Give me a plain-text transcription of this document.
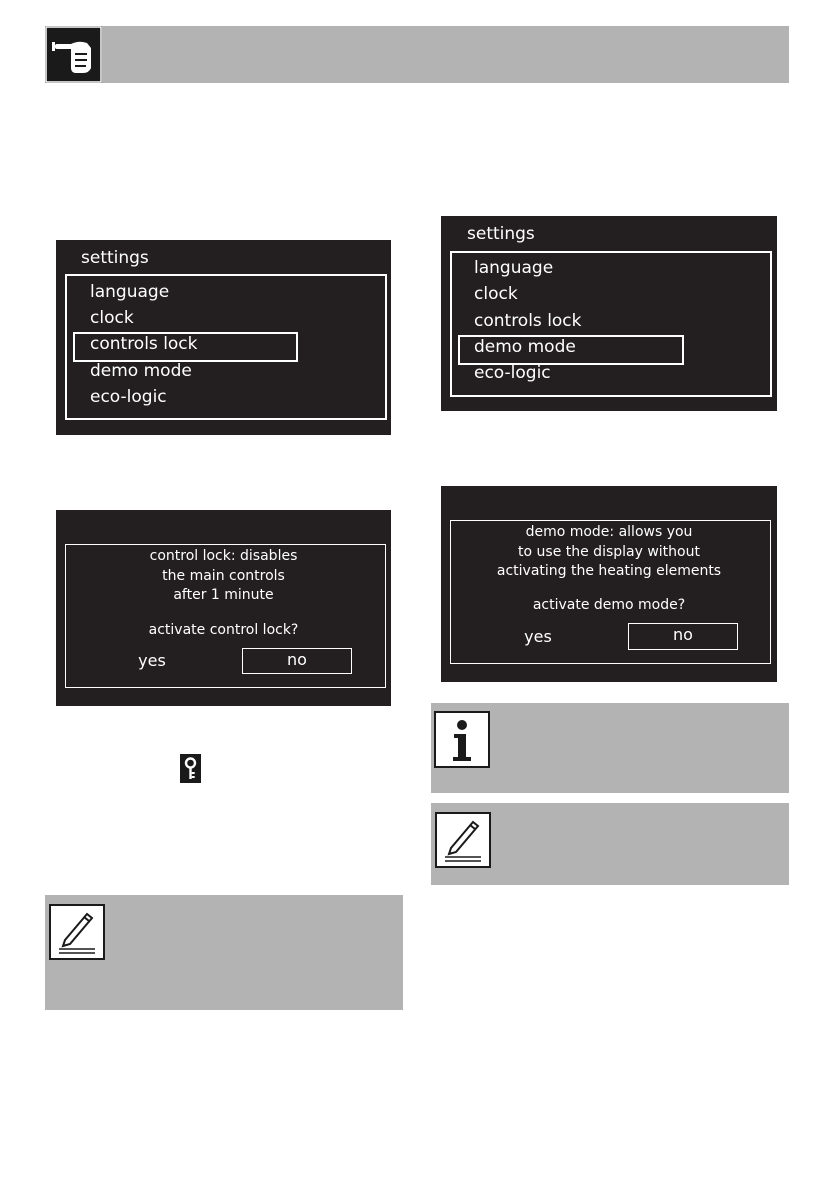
settings
language
clock
controls lock
demo mode
eco-logic
settings
language
clock
controls lock
demo mode
eco-logic
control lock: disables
the main controls
after 1 minute
activate control lock?
yes	no
demo mode: allows you
to use the display without
activating the heating elements
activate demo mode?
yes	no
